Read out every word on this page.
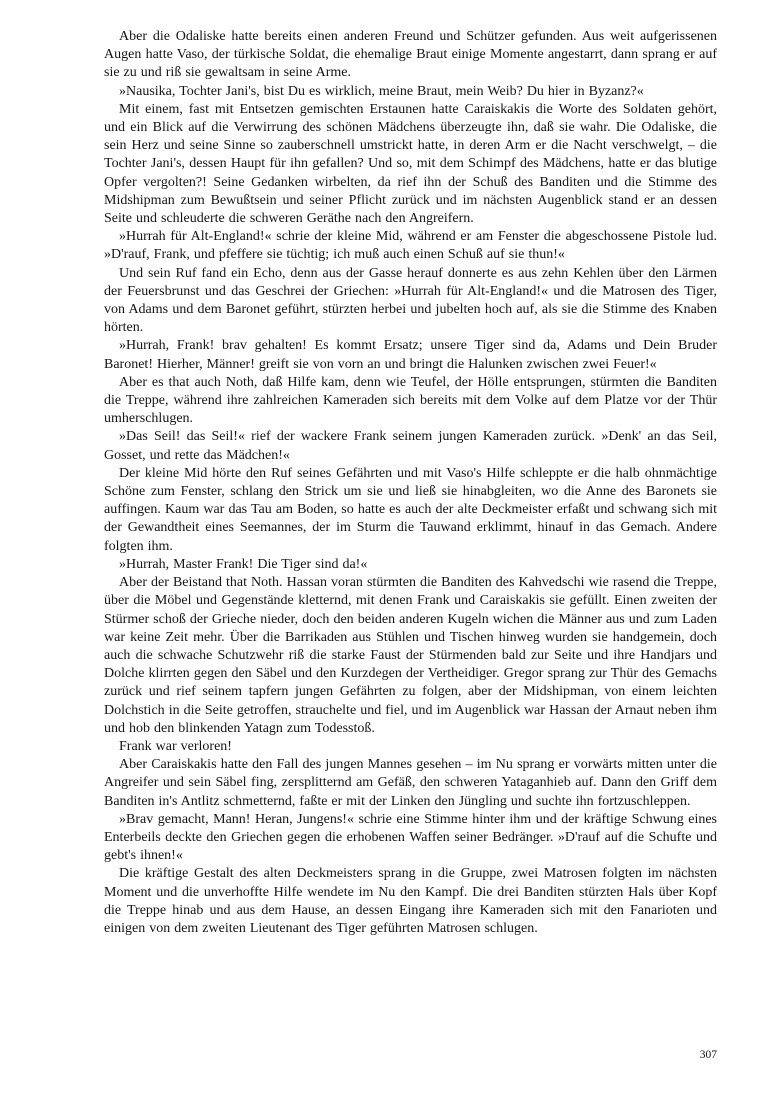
Aber die Odaliske hatte bereits einen anderen Freund und Schützer gefunden. Aus weit aufgerissenen Augen hatte Vaso, der türkische Soldat, die ehemalige Braut einige Momente angestarrt, dann sprang er auf sie zu und riß sie gewaltsam in seine Arme.

»Nausika, Tochter Jani's, bist Du es wirklich, meine Braut, mein Weib? Du hier in Byzanz?«

Mit einem, fast mit Entsetzen gemischten Erstaunen hatte Caraiskakis die Worte des Soldaten gehört, und ein Blick auf die Verwirrung des schönen Mädchens überzeugte ihn, daß sie wahr. Die Odaliske, die sein Herz und seine Sinne so zauberschnell umstrickt hatte, in deren Arm er die Nacht verschwelgt, – die Tochter Jani's, dessen Haupt für ihn gefallen? Und so, mit dem Schimpf des Mädchens, hatte er das blutige Opfer vergolten?! Seine Gedanken wirbelten, da rief ihn der Schuß des Banditen und die Stimme des Midshipman zum Bewußtsein und seiner Pflicht zurück und im nächsten Augenblick stand er an dessen Seite und schleuderte die schweren Geräthe nach den Angreifern.

»Hurrah für Alt-England!« schrie der kleine Mid, während er am Fenster die abgeschossene Pistole lud. »D'rauf, Frank, und pfeffere sie tüchtig; ich muß auch einen Schuß auf sie thun!«

Und sein Ruf fand ein Echo, denn aus der Gasse herauf donnerte es aus zehn Kehlen über den Lärmen der Feuersbrunst und das Geschrei der Griechen: »Hurrah für Alt-England!« und die Matrosen des Tiger, von Adams und dem Baronet geführt, stürzten herbei und jubelten hoch auf, als sie die Stimme des Knaben hörten.

»Hurrah, Frank! brav gehalten! Es kommt Ersatz; unsere Tiger sind da, Adams und Dein Bruder Baronet! Hierher, Männer! greift sie von vorn an und bringt die Halunken zwischen zwei Feuer!«

Aber es that auch Noth, daß Hilfe kam, denn wie Teufel, der Hölle entsprungen, stürmten die Banditen die Treppe, während ihre zahlreichen Kameraden sich bereits mit dem Volke auf dem Platze vor der Thür umherschlugen.

»Das Seil! das Seil!« rief der wackere Frank seinem jungen Kameraden zurück. »Denk' an das Seil, Gosset, und rette das Mädchen!«

Der kleine Mid hörte den Ruf seines Gefährten und mit Vaso's Hilfe schleppte er die halb ohnmächtige Schöne zum Fenster, schlang den Strick um sie und ließ sie hinabgleiten, wo die Anne des Baronets sie auffingen. Kaum war das Tau am Boden, so hatte es auch der alte Deckmeister erfaßt und schwang sich mit der Gewandtheit eines Seemannes, der im Sturm die Tauwand erklimmt, hinauf in das Gemach. Andere folgten ihm.

»Hurrah, Master Frank! Die Tiger sind da!«

Aber der Beistand that Noth. Hassan voran stürmten die Banditen des Kahvedschi wie rasend die Treppe, über die Möbel und Gegenstände kletternd, mit denen Frank und Caraiskakis sie gefüllt. Einen zweiten der Stürmer schoß der Grieche nieder, doch den beiden anderen Kugeln wichen die Männer aus und zum Laden war keine Zeit mehr. Über die Barrikaden aus Stühlen und Tischen hinweg wurden sie handgemein, doch auch die schwache Schutzwehr riß die starke Faust der Stürmenden bald zur Seite und ihre Handjars und Dolche klirrten gegen den Säbel und den Kurzdegen der Vertheidiger. Gregor sprang zur Thür des Gemachs zurück und rief seinem tapfern jungen Gefährten zu folgen, aber der Midshipman, von einem leichten Dolchstich in die Seite getroffen, strauchelte und fiel, und im Augenblick war Hassan der Arnaut neben ihm und hob den blinkenden Yatagn zum Todesstoß.

Frank war verloren!

Aber Caraiskakis hatte den Fall des jungen Mannes gesehen – im Nu sprang er vorwärts mitten unter die Angreifer und sein Säbel fing, zersplitternd am Gefäß, den schweren Yataganhieb auf. Dann den Griff dem Banditen in's Antlitz schmetternd, faßte er mit der Linken den Jüngling und suchte ihn fortzuschleppen.

»Brav gemacht, Mann! Heran, Jungens!« schrie eine Stimme hinter ihm und der kräftige Schwung eines Enterbeils deckte den Griechen gegen die erhobenen Waffen seiner Bedränger. »D'rauf auf die Schufte und gebt's ihnen!«

Die kräftige Gestalt des alten Deckmeisters sprang in die Gruppe, zwei Matrosen folgten im nächsten Moment und die unverhoffte Hilfe wendete im Nu den Kampf. Die drei Banditen stürzten Hals über Kopf die Treppe hinab und aus dem Hause, an dessen Eingang ihre Kameraden sich mit den Fanarioten und einigen von dem zweiten Lieutenant des Tiger geführten Matrosen schlugen.

307
